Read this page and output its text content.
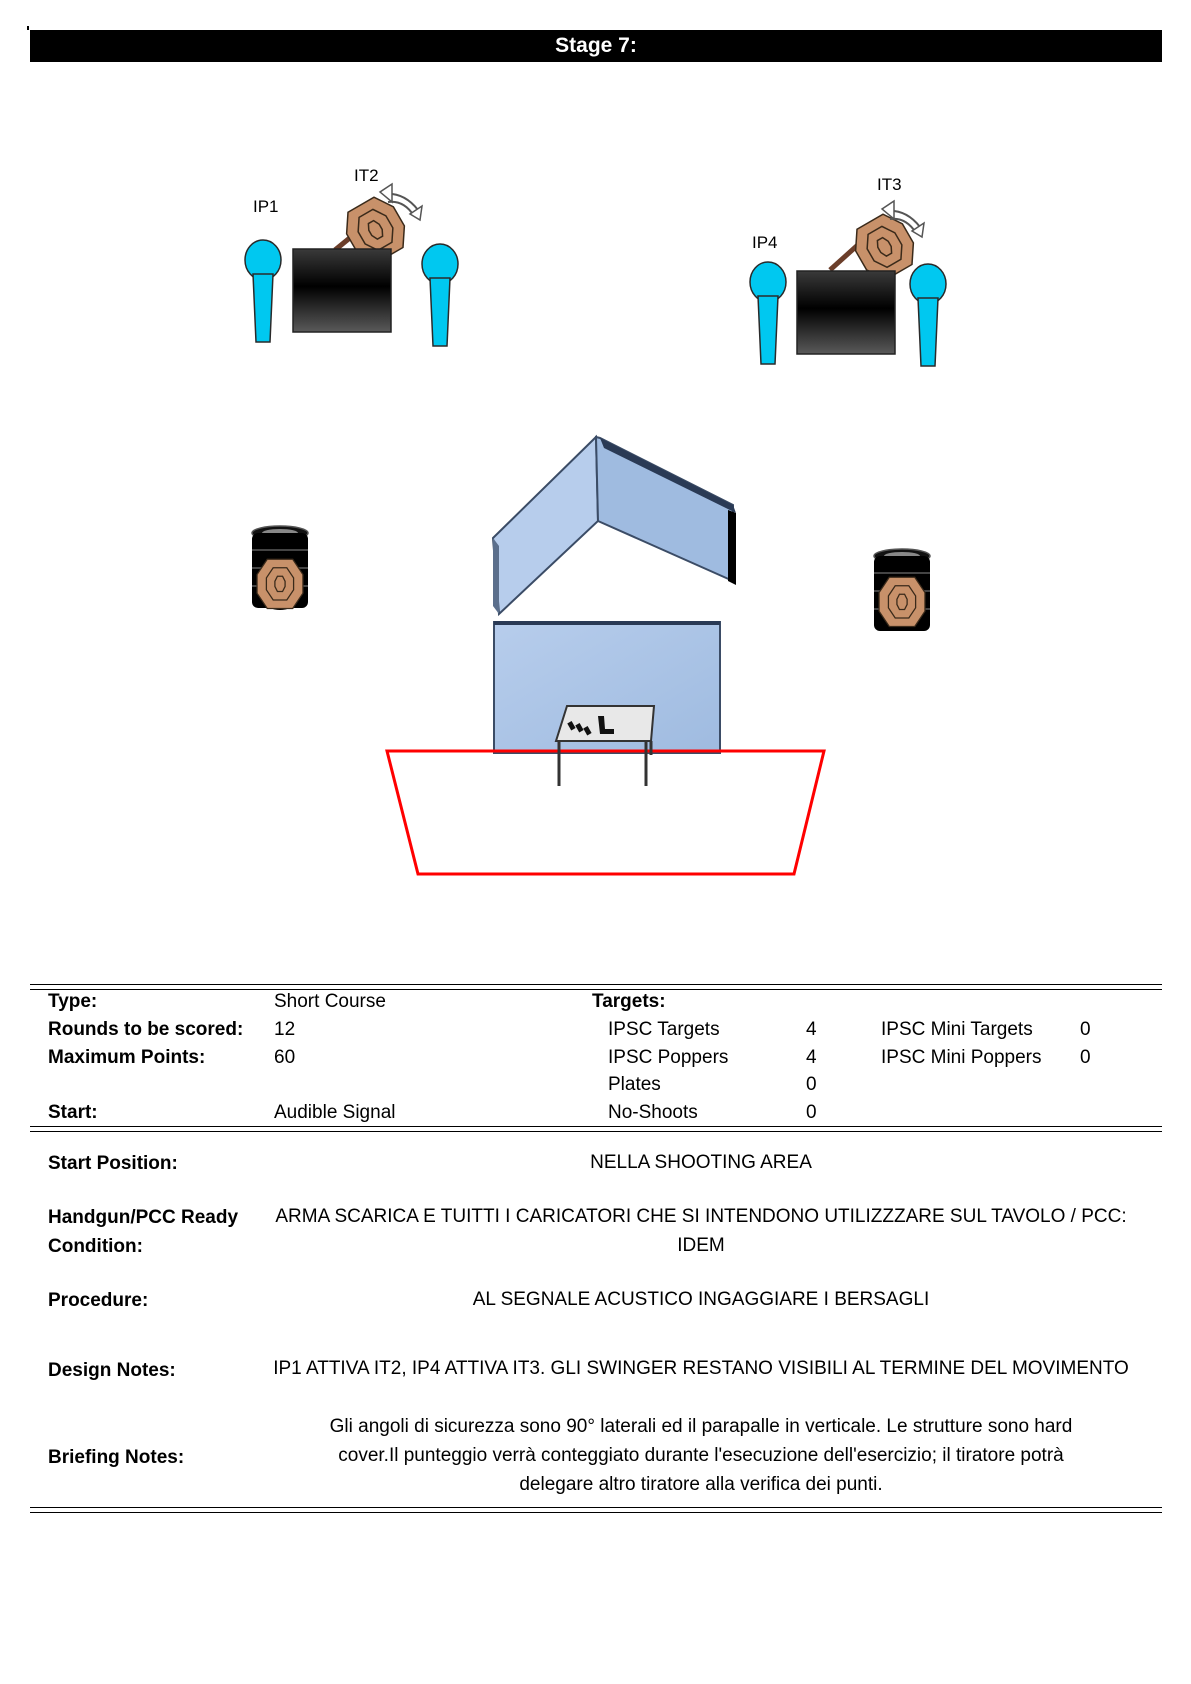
Stage 7:
IP1
IT2
IP4
IT3
Type:	Short Course	Targets:
Rounds to be scored: 12	IPSC Targets	4	IPSC Mini Targets 0
Maximum Points:	60	IPSC Poppers	4	IPSC Mini Poppers 0
Plates	0
Start:	Audible Signal	No-Shoots	0
Start Position:	NELLA SHOOTING AREA
Handgun/PCC Ready
Condition:
ARMA SCARICA E TUITTI I CARICATORI CHE SI INTENDONO UTILIZZZARE SUL TAVOLO / PCC:
IDEM
Procedure:	AL SEGNALE ACUSTICO INGAGGIARE I BERSAGLI
Design Notes:	IP1 ATTIVA IT2, IP4 ATTIVA IT3. GLI SWINGER RESTANO VISIBILI AL TERMINE DEL MOVIMENTO
Briefing Notes:
Gli angoli di sicurezza sono 90° laterali ed il parapalle in verticale. Le strutture sono hard
cover.Il punteggio verrà conteggiato durante l'esecuzione dell'esercizio; il tiratore potrà
delegare altro tiratore alla verifica dei punti.
